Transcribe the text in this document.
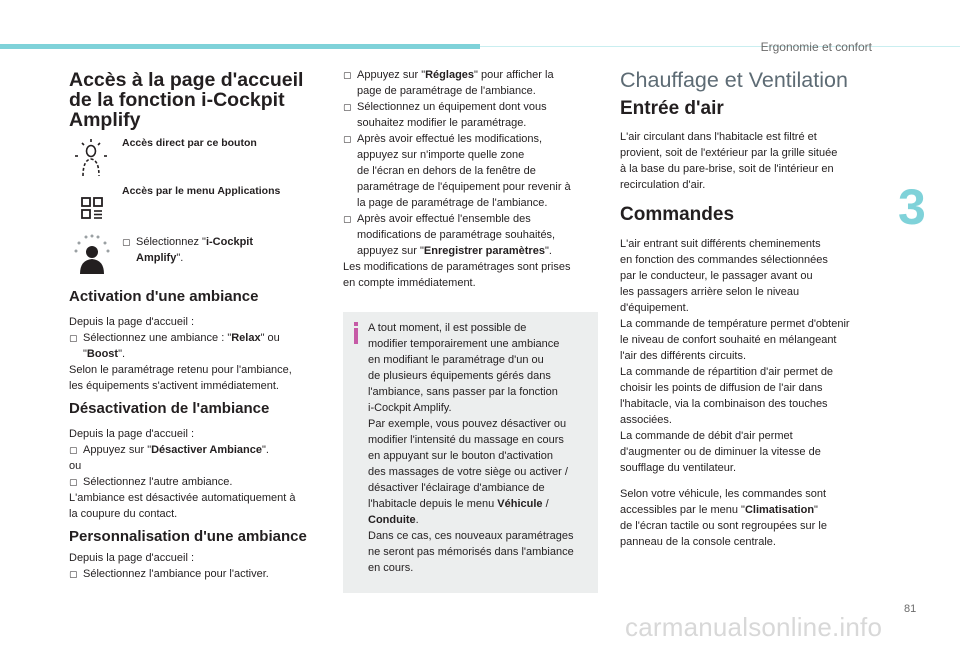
Ergonomie et confort
Accès à la page d'accueil
de la fonction i-Cockpit
Amplify
Accès direct par ce bouton
Accès par le menu Applications
▢ Sélectionnez "i-Cockpit
Amplify".
Activation d'une ambiance
Depuis la page d'accueil :
▢ Sélectionnez une ambiance : "Relax" ou
"Boost".
Selon le paramétrage retenu pour l'ambiance,
les équipements s'activent immédiatement.
Désactivation de l'ambiance
Depuis la page d'accueil :
▢ Appuyez sur "Désactiver Ambiance".
ou
▢ Sélectionnez l'autre ambiance.
L'ambiance est désactivée automatiquement à
la coupure du contact.
Personnalisation d'une ambiance
Depuis la page d'accueil :
▢ Sélectionnez l'ambiance pour l'activer.
▢ Appuyez sur "Réglages" pour afficher la
page de paramétrage de l'ambiance.
▢ Sélectionnez un équipement dont vous
souhaitez modifier le paramétrage.
▢ Après avoir effectué les modifications,
appuyez sur n'importe quelle zone
de l'écran en dehors de la fenêtre de
paramétrage de l'équipement pour revenir à
la page de paramétrage de l'ambiance.
▢ Après avoir effectué l'ensemble des
modifications de paramétrage souhaités,
appuyez sur "Enregistrer paramètres".
Les modifications de paramétrages sont prises
en compte immédiatement.
A tout moment, il est possible de
modifier temporairement une ambiance
en modifiant le paramétrage d'un ou
de plusieurs équipements gérés dans
l'ambiance, sans passer par la fonction
i-Cockpit Amplify.
Par exemple, vous pouvez désactiver ou
modifier l'intensité du massage en cours
en appuyant sur le bouton d'activation
des massages de votre siège ou activer /
désactiver l'éclairage d'ambiance de
l'habitacle depuis le menu Véhicule /
Conduite.
Dans ce cas, ces nouveaux paramétrages
ne seront pas mémorisés dans l'ambiance
en cours.
Chauffage et Ventilation
Entrée d'air
L'air circulant dans l'habitacle est filtré et
provient, soit de l'extérieur par la grille située
à la base du pare-brise, soit de l'intérieur en
recirculation d'air.
Commandes
L'air entrant suit différents cheminements
en fonction des commandes sélectionnées
par le conducteur, le passager avant ou
les passagers arrière selon le niveau
d'équipement.
La commande de température permet d'obtenir
le niveau de confort souhaité en mélangeant
l'air des différents circuits.
La commande de répartition d'air permet de
choisir les points de diffusion de l'air dans
l'habitacle, via la combinaison des touches
associées.
La commande de débit d'air permet
d'augmenter ou de diminuer la vitesse de
soufflage du ventilateur.
Selon votre véhicule, les commandes sont
accessibles par le menu "Climatisation"
de l'écran tactile ou sont regroupées sur le
panneau de la console centrale.
3
81
carmanualsonline.info
